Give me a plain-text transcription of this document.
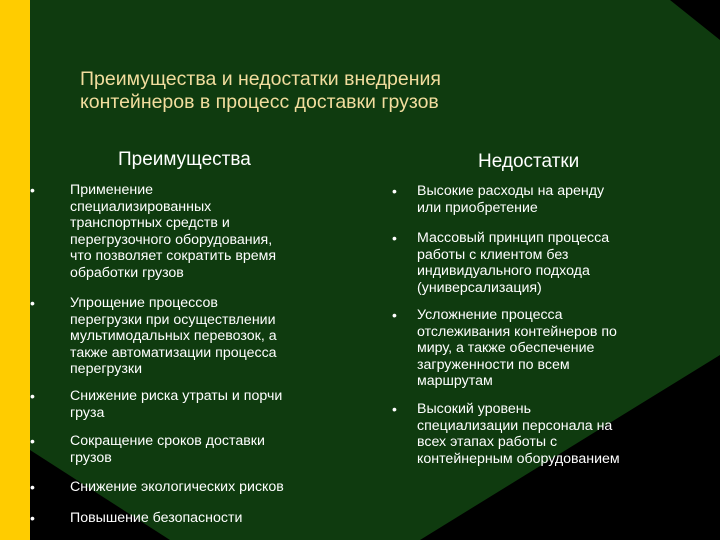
Преимущества и недостатки внедрения
контейнеров в процесс доставки грузов
Преимущества	Недостатки
• Применение
специализированных
транспортных средств и
перегрузочного оборудования,
что позволяет сократить время
обработки грузов
• Упрощение процессов
перегрузки при осуществлении
мультимодальных перевозок, а
также автоматизации процесса
перегрузки
• Снижение риска утраты и порчи
груза
• Сокращение сроков доставки
грузов
• Снижение экологических рисков
• Повышение безопасности
• Высокие расходы на аренду
или приобретение
• Массовый принцип процесса
работы с клиентом без
индивидуального подхода
(универсализация)
• Усложнение процесса
отслеживания контейнеров по
миру, а также обеспечение
загруженности по всем
маршрутам
• Высокий уровень
специализации персонала на
всех этапах работы с
контейнерным оборудованием
